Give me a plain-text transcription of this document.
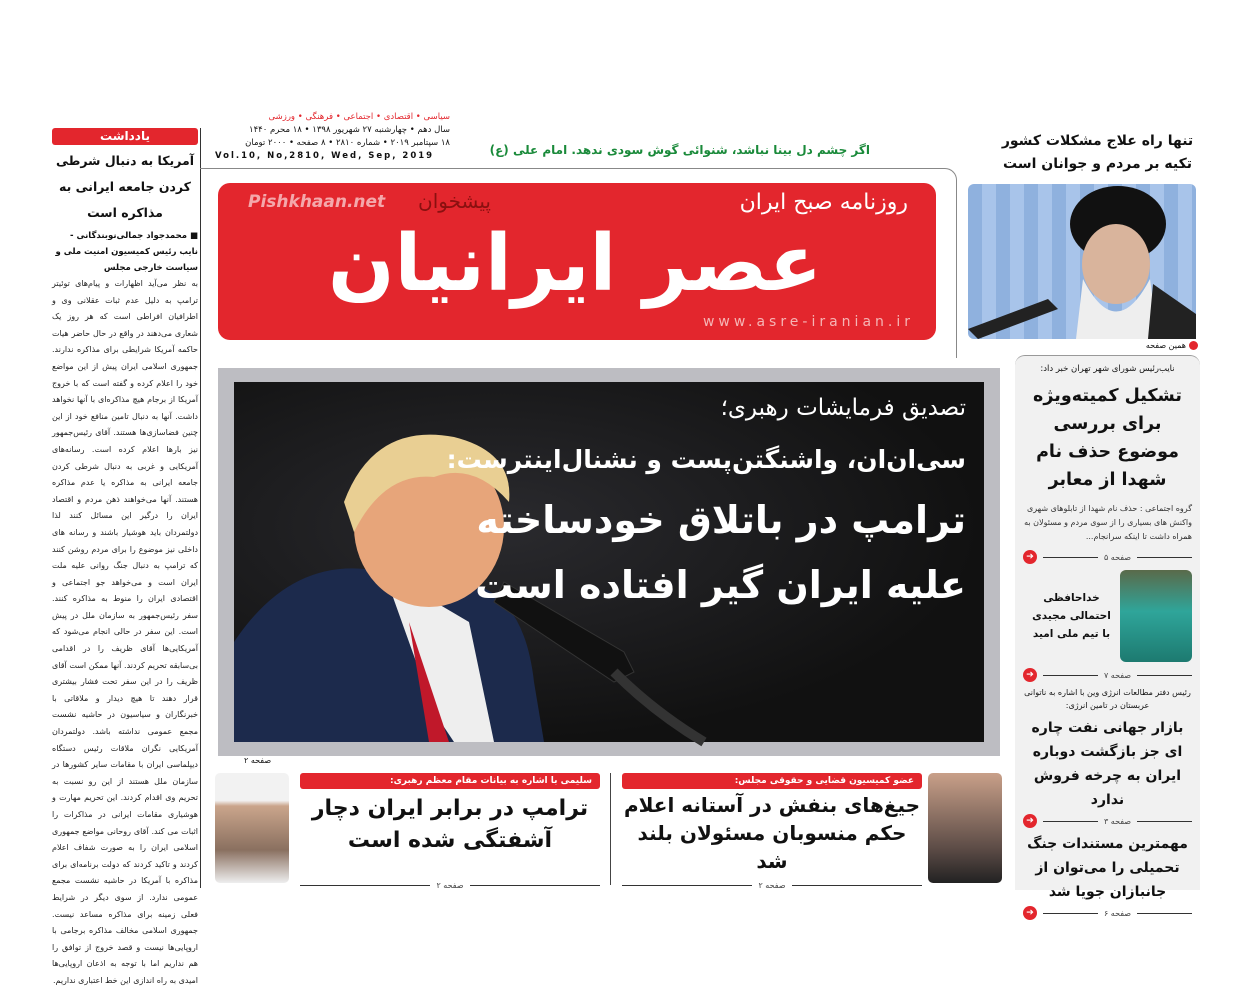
یادداشت
آمریکا به دنبال شرطی کردن جامعه ایرانی به مذاکره است
■ محمدجواد جمالی‌نوبندگانی - نایب رئیس کمیسیون امنیت ملی و سیاست خارجی مجلس
به نظر می‌آید اظهارات و پیام‌های توئیتر ترامپ به دلیل عدم ثبات عقلانی وی و اطرافیان افراطی است که هر روز یک شعاری می‌دهند در واقع در حال حاضر هیات حاکمه آمریکا شرایطی برای مذاکره ندارند. جمهوری اسلامی ایران پیش از این مواضع خود را اعلام کرده و گفته است که با خروج آمریکا از برجام هیچ مذاکره‌ای با آنها نخواهد داشت. آنها به دنبال تامین منافع خود از این چنین فضاسازی‌ها هستند. آقای رئیس‌جمهور نیز بارها اعلام کرده است. رسانه‌های آمریکایی و غربی به دنبال شرطی کردن جامعه ایرانی به مذاکره یا عدم مذاکره هستند. آنها می‌خواهند ذهن مردم و اقتصاد ایران را درگیر این مسائل کنند لذا دولتمردان باید هوشیار باشند و رسانه های داخلی نیز موضوع را برای مردم روشن کنند که ترامپ به دنبال جنگ روانی علیه ملت ایران است و می‌خواهد جو اجتماعی و اقتصادی ایران را منوط به مذاکره کنند. سفر رئیس‌جمهور به سازمان ملل در پیش است. این سفر در حالی انجام می‌شود که آمریکایی‌ها آقای ظریف را در اقدامی بی‌سابقه تحریم کردند. آنها ممکن است آقای ظریف را در این سفر تحت فشار بیشتری قرار دهند تا هیچ دیدار و ملاقاتی با خبرنگاران و سیاسیون در حاشیه نشست مجمع عمومی نداشته باشد. دولتمردان آمریکایی نگران ملاقات رئیس دستگاه دیپلماسی ایران با مقامات سایر کشورها در سازمان ملل هستند از این رو نسبت به تحریم وی اقدام کردند. این تحریم مهارت و هوشیاری مقامات ایرانی در مذاکرات را اثبات می کند. آقای روحانی مواضع جمهوری اسلامی ایران را به صورت شفاف اعلام کردند و تاکید کردند که دولت برنامه‌ای برای مذاکره با آمریکا در حاشیه نشست مجمع عمومی ندارد. از سوی دیگر در شرایط فعلی زمینه برای مذاکره مساعد نیست. جمهوری اسلامی مخالف مذاکره برجامی با اروپایی‌ها نیست و قصد خروج از توافق را هم نداریم اما با توجه به اذعان اروپایی‌ها امیدی به راه اندازی این خط اعتباری نداریم.
سیاسی • اقتصادی • اجتماعی • فرهنگی • ورزشی
سال دهم • چهارشنبه ۲۷ شهریور ۱۳۹۸ • ۱۸ محرم ۱۴۴۰
۱۸ سپتامبر ۲۰۱۹ • شماره ۲۸۱۰ • ۸ صفحه • ۲۰۰۰ تومان
Vol.10, No,2810, Wed, Sep, 2019	اگر چشم دل بینا نباشد، شنوائی گوش سودی ندهد. امام علی (ع)
روزنامه صبح ایران
Pishkhaan.net پیشخوان
عصر ایرانیان
www.asre-iranian.ir
تصدیق فرمایشات رهبری؛
سی‌ان‌ان، واشنگتن‌پست و نشنال‌اینترست:
ترامپ در باتلاق خودساخته
علیه ایران گیر افتاده است
صفحه ۲
عضو کمیسیون قضایی و حقوقی مجلس:
جیغ‌های بنفش در آستانه اعلام حکم منسوبان مسئولان بلند شد
صفحه ۲
سلیمی با اشاره به بیانات مقام معظم رهبری:
ترامپ در برابر ایران دچار آشفتگی شده است
صفحه ۲
تنها راه علاج مشکلات کشور تکیه بر مردم و جوانان است
همین صفحه
نایب‌رئیس شورای شهر تهران خبر داد:
تشکیل کمیته‌ویژه برای بررسی موضوع حذف نام شهدا از معابر
گروه اجتماعی : حذف نام شهدا از تابلوهای شهری واکنش های بسیاری را از سوی مردم و مسئولان به همراه داشت تا اینکه سرانجام...
➔	صفحه ۵
خداحافظی احتمالی مجیدی با تیم ملی امید
➔	صفحه ۷
رئیس دفتر مطالعات انرژی وین با اشاره به ناتوانی عربستان در تامین انرژی:
بازار جهانی نفت چاره ای جز بازگشت دوباره ایران به چرخه فروش ندارد
➔	صفحه ۳
مهمترین مستندات جنگ تحمیلی را می‌توان از جانبازان جویا شد
➔	صفحه ۶
